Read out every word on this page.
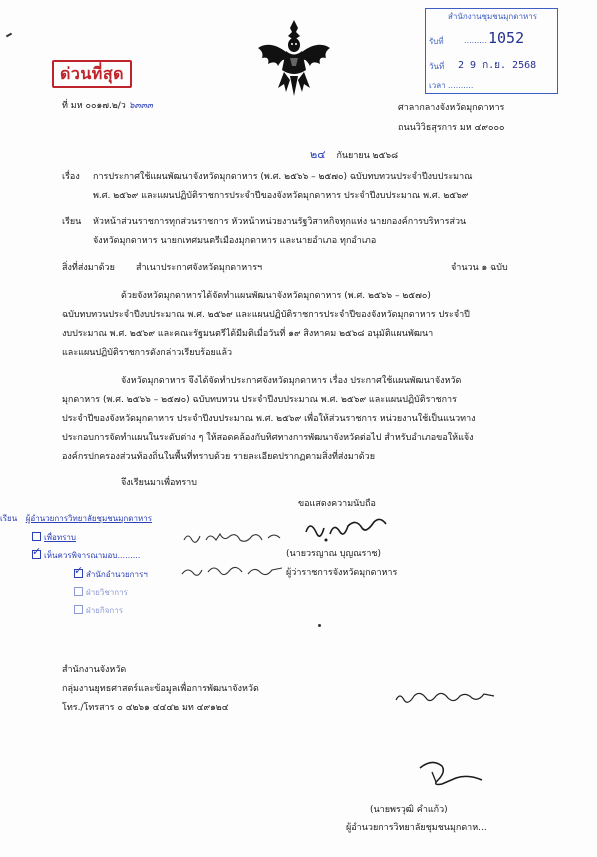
ด่วนที่สุด
ที่ มห ๐๐๑๗.๒/ว ๖๓๓๓
สำนักงานชุมชนมุกดาหาร
รับที่	......... 1052
วันที่ 2 9 ก.ย. 2568
เวลา ..........
ศาลากลางจังหวัดมุกดาหาร
ถนนวิวิธสุรการ มห ๔๙๐๐๐
๒๔ กันยายน ๒๕๖๘
เรื่อง การประกาศใช้แผนพัฒนาจังหวัดมุกดาหาร (พ.ศ. ๒๕๖๖ – ๒๕๗๐) ฉบับทบทวนประจำปีงบประมาณ
พ.ศ. ๒๕๖๙ และแผนปฏิบัติราชการประจำปีของจังหวัดมุกดาหาร ประจำปีงบประมาณ พ.ศ. ๒๕๖๙
เรียน หัวหน้าส่วนราชการทุกส่วนราชการ หัวหน้าหน่วยงานรัฐวิสาหกิจทุกแห่ง นายกองค์การบริหารส่วน
จังหวัดมุกดาหาร นายกเทศมนตรีเมืองมุกดาหาร และนายอำเภอ ทุกอำเภอ
สิ่งที่ส่งมาด้วย สำเนาประกาศจังหวัดมุกดาหารฯ	จำนวน ๑ ฉบับ
ด้วยจังหวัดมุกดาหารได้จัดทำแผนพัฒนาจังหวัดมุกดาหาร (พ.ศ. ๒๕๖๖ – ๒๕๗๐)
ฉบับทบทวนประจำปีงบประมาณ พ.ศ. ๒๕๖๙ และแผนปฏิบัติราชการประจำปีของจังหวัดมุกดาหาร ประจำปี
งบประมาณ พ.ศ. ๒๕๖๙ และคณะรัฐมนตรีได้มีมติเมื่อวันที่ ๑๙ สิงหาคม ๒๕๖๘ อนุมัติแผนพัฒนา
และแผนปฏิบัติราชการดังกล่าวเรียบร้อยแล้ว
จังหวัดมุกดาหาร จึงได้จัดทำประกาศจังหวัดมุกดาหาร เรื่อง ประกาศใช้แผนพัฒนาจังหวัด
มุกดาหาร (พ.ศ. ๒๕๖๖ – ๒๕๗๐) ฉบับทบทวน ประจำปีงบประมาณ พ.ศ. ๒๕๖๙ และแผนปฏิบัติราชการ
ประจำปีของจังหวัดมุกดาหาร ประจำปีงบประมาณ พ.ศ. ๒๕๖๙ เพื่อให้ส่วนราชการ หน่วยงานใช้เป็นแนวทาง
ประกอบการจัดทำแผนในระดับต่าง ๆ ให้สอดคล้องกับทิศทางการพัฒนาจังหวัดต่อไป สำหรับอำเภอขอให้แจ้ง
องค์กรปกครองส่วนท้องถิ่นในพื้นที่ทราบด้วย รายละเอียดปรากฏตามสิ่งที่ส่งมาด้วย
จึงเรียนมาเพื่อทราบ
ขอแสดงความนับถือ
(นายวรญาณ บุญณราช)
ผู้ว่าราชการจังหวัดมุกดาหาร
เรียน ผู้อำนวยการวิทยาลัยชุมชนมุกดาหาร
เพื่อทราบ
✓เห็นควรพิจารณามอบ.........
✓สำนักอำนวยการฯ
ฝ่ายวิชาการ
ฝ่ายกิจการ
สำนักงานจังหวัด
กลุ่มงานยุทธศาสตร์และข้อมูลเพื่อการพัฒนาจังหวัด
โทร./โทรสาร ๐ ๔๒๖๑ ๔๔๔๒ มท ๔๙๑๒๔
(นายพรวุฒิ คำแก้ว)
ผู้อำนวยการวิทยาลัยชุมชนมุกดาห...
